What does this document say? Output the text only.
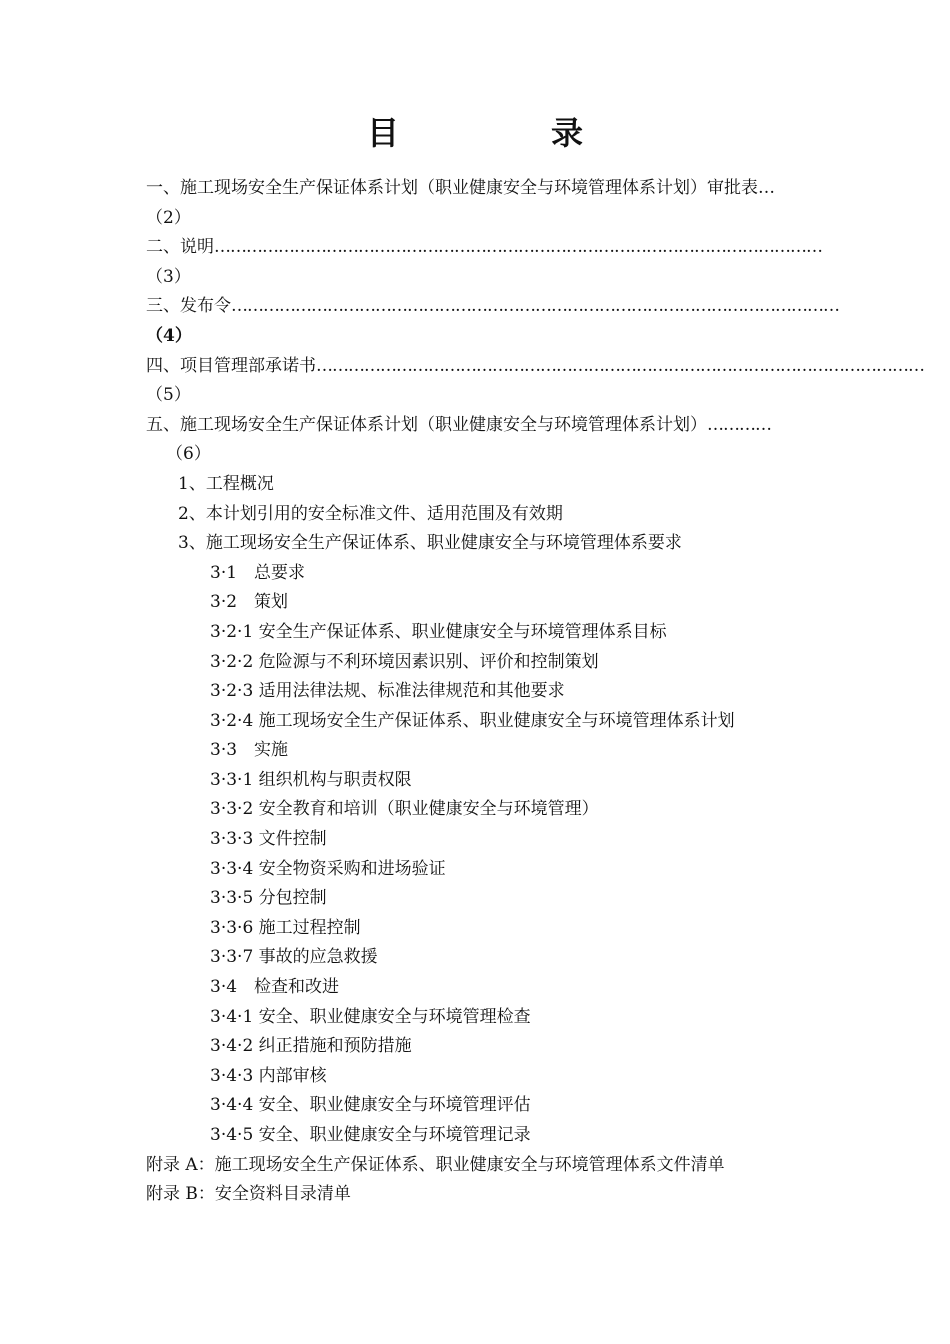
目　录
一、施工现场安全生产保证体系计划（职业健康安全与环境管理体系计划）审批表…
（2）
二、说明 ……………………………………………………………………………………………………
（3）
三、发布令 ……………………………………………………………………………………………………
（4）
四、项目管理部承诺书 ……………………………………………………………………………………………………
（5）
五、施工现场安全生产保证体系计划（职业健康安全与环境管理体系计划） …………
（6）
1、工程概况
2、本计划引用的安全标准文件、适用范围及有效期
3、施工现场安全生产保证体系、职业健康安全与环境管理体系要求
3·1　总要求
3·2　策划
3·2·1 安全生产保证体系、职业健康安全与环境管理体系目标
3·2·2 危险源与不利环境因素识别、评价和控制策划
3·2·3 适用法律法规、标准法律规范和其他要求
3·2·4 施工现场安全生产保证体系、职业健康安全与环境管理体系计划
3·3　实施
3·3·1 组织机构与职责权限
3·3·2 安全教育和培训（职业健康安全与环境管理）
3·3·3 文件控制
3·3·4 安全物资采购和进场验证
3·3·5 分包控制
3·3·6 施工过程控制
3·3·7 事故的应急救援
3·4　检查和改进
3·4·1 安全、职业健康安全与环境管理检查
3·4·2 纠正措施和预防措施
3·4·3 内部审核
3·4·4 安全、职业健康安全与环境管理评估
3·4·5 安全、职业健康安全与环境管理记录
附录 A：施工现场安全生产保证体系、职业健康安全与环境管理体系文件清单
附录 B：安全资料目录清单
